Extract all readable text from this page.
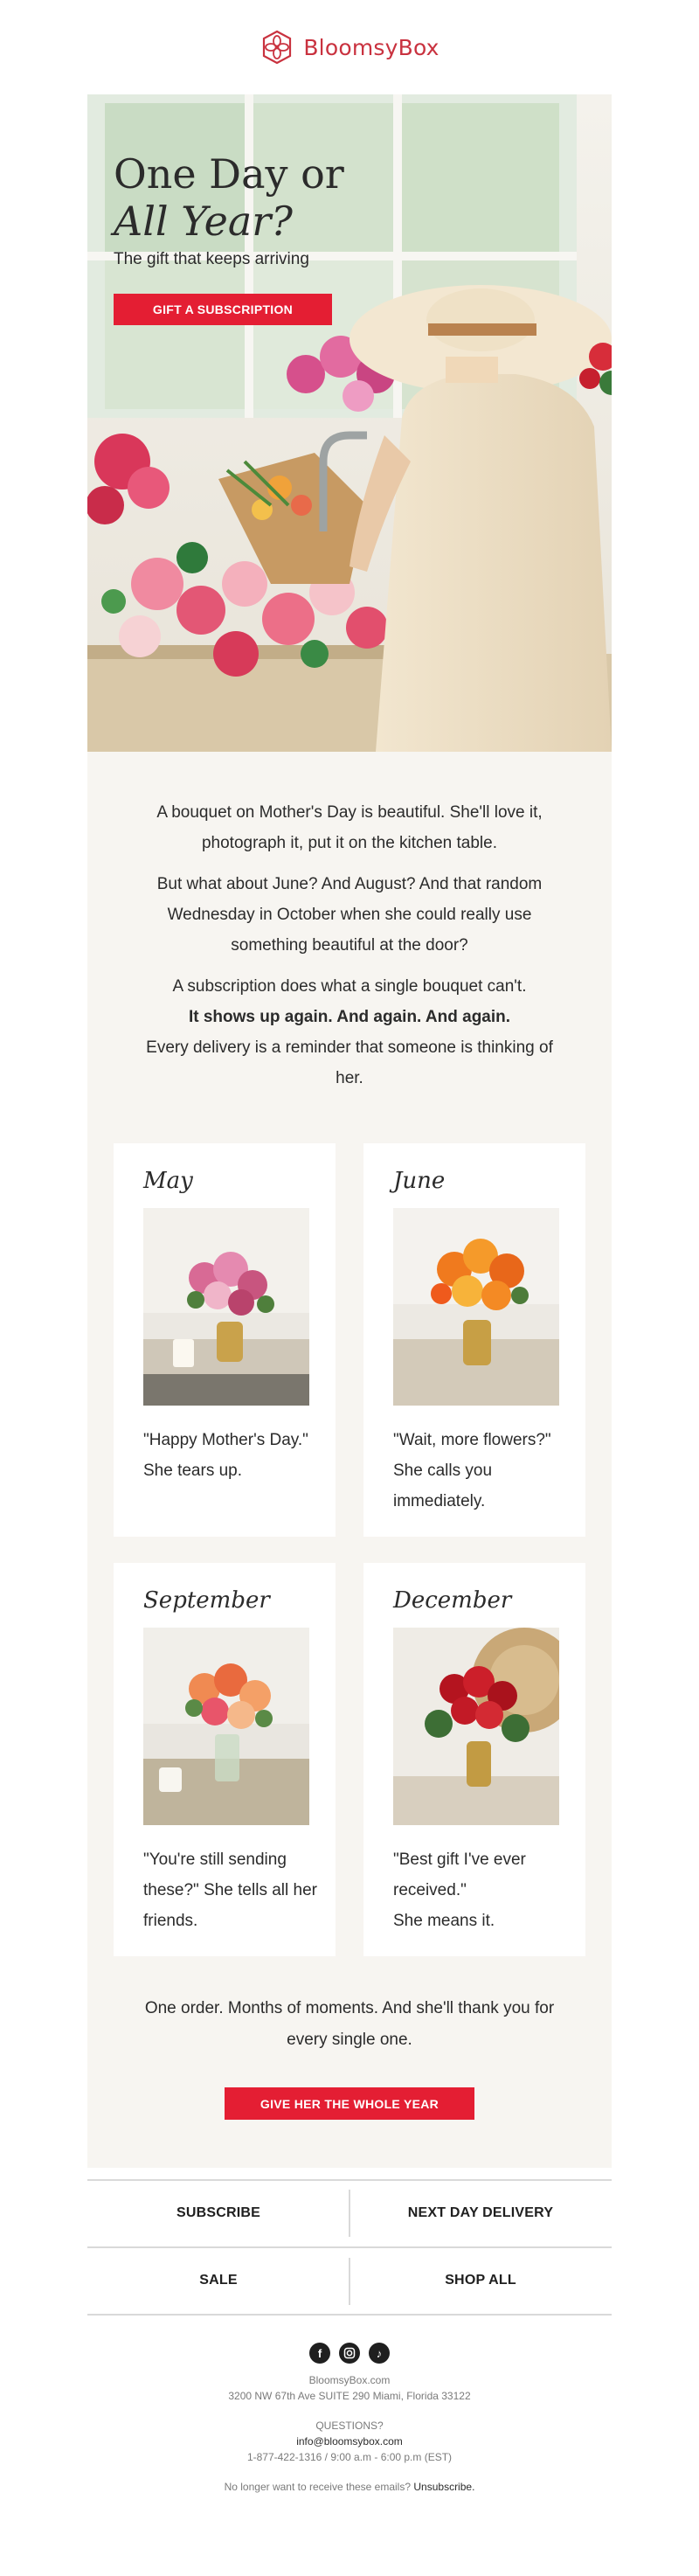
BloomsyBox
One Day or
All Year?
The gift that keeps arriving
GIFT A SUBSCRIPTION

A bouquet on Mother's Day is beautiful. She'll love it, photograph it, put it on the kitchen table.

But what about June? And August? And that random Wednesday in October when she could really use something beautiful at the door?

A subscription does what a single bouquet can't.
It shows up again. And again. And again.
Every delivery is a reminder that someone is thinking of her.

May
"Happy Mother's Day." She tears up.
June
"Wait, more flowers?" She calls you immediately.
September
"You're still sending these?" She tells all her friends.
December
"Best gift I've ever received."
She means it.
One order. Months of moments. And she'll thank you for every single one.
GIVE HER THE WHOLE YEAR
SUBSCRIBE	NEXT DAY DELIVERY
SALE	SHOP ALL
f	♪
BloomsyBox.com
3200 NW 67th Ave SUITE 290 Miami, Florida 33122
QUESTIONS?
info@bloomsybox.com
1-877-422-1316 / 9:00 a.m - 6:00 p.m (EST)
No longer want to receive these emails? Unsubscribe.
